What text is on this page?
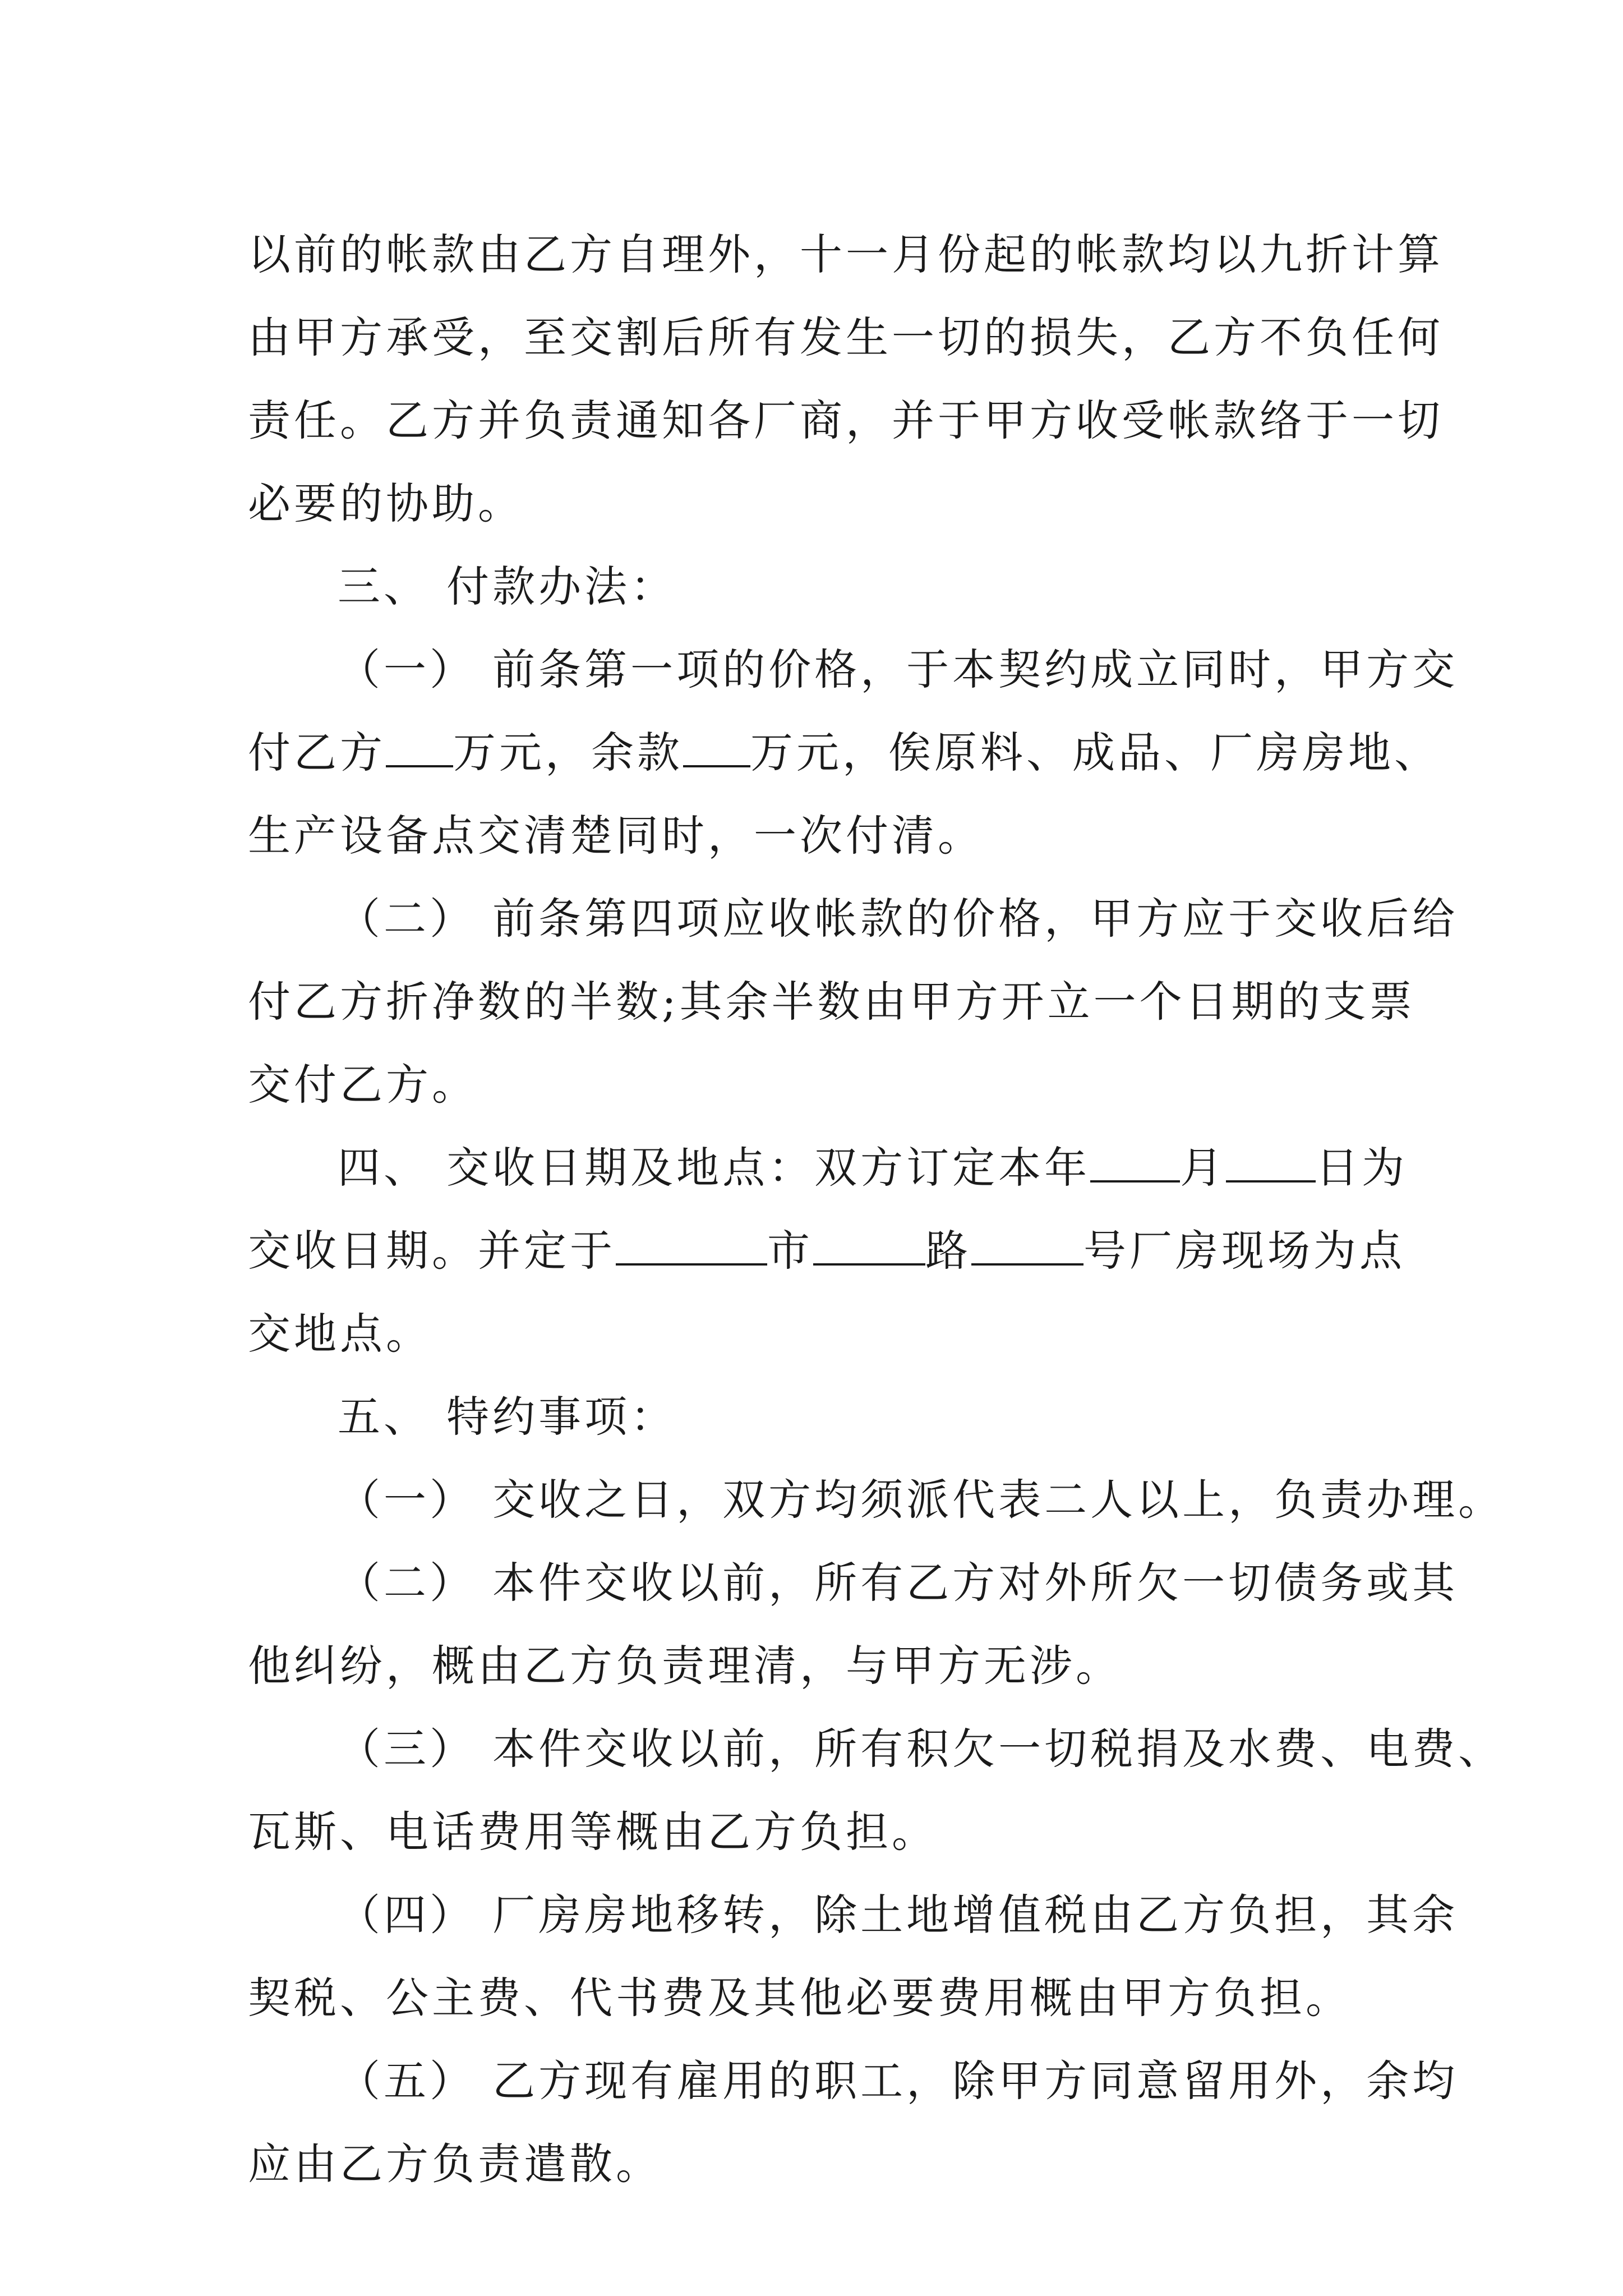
以前的帐款由乙方自理外，十一月份起的帐款均以九折计算
由甲方承受，至交割后所有发生一切的损失，乙方不负任何
责任。乙方并负责通知各厂商，并于甲方收受帐款络于一切
必要的协助。
三、 付款办法：
（一） 前条第一项的价格，于本契约成立同时，甲方交
付乙方 万元，余款 万元，俟原料、成品、厂房房地、
生产设备点交清楚同时，一次付清。
（二） 前条第四项应收帐款的价格，甲方应于交收后给
付乙方折净数的半数;其余半数由甲方开立一个日期的支票
交付乙方。
四、 交收日期及地点：双方订定本年 月 日为
交收日期。并定于	市	路	号厂房现场为点
交地点。
五、 特约事项：
（一） 交收之日，双方均须派代表二人以上，负责办理。
（二） 本件交收以前，所有乙方对外所欠一切债务或其
他纠纷，概由乙方负责理清，与甲方无涉。
（三） 本件交收以前，所有积欠一切税捐及水费、电费、
瓦斯、电话费用等概由乙方负担。
（四） 厂房房地移转，除土地增值税由乙方负担，其余
契税、公主费、代书费及其他必要费用概由甲方负担。
（五） 乙方现有雇用的职工，除甲方同意留用外，余均
应由乙方负责遣散。
